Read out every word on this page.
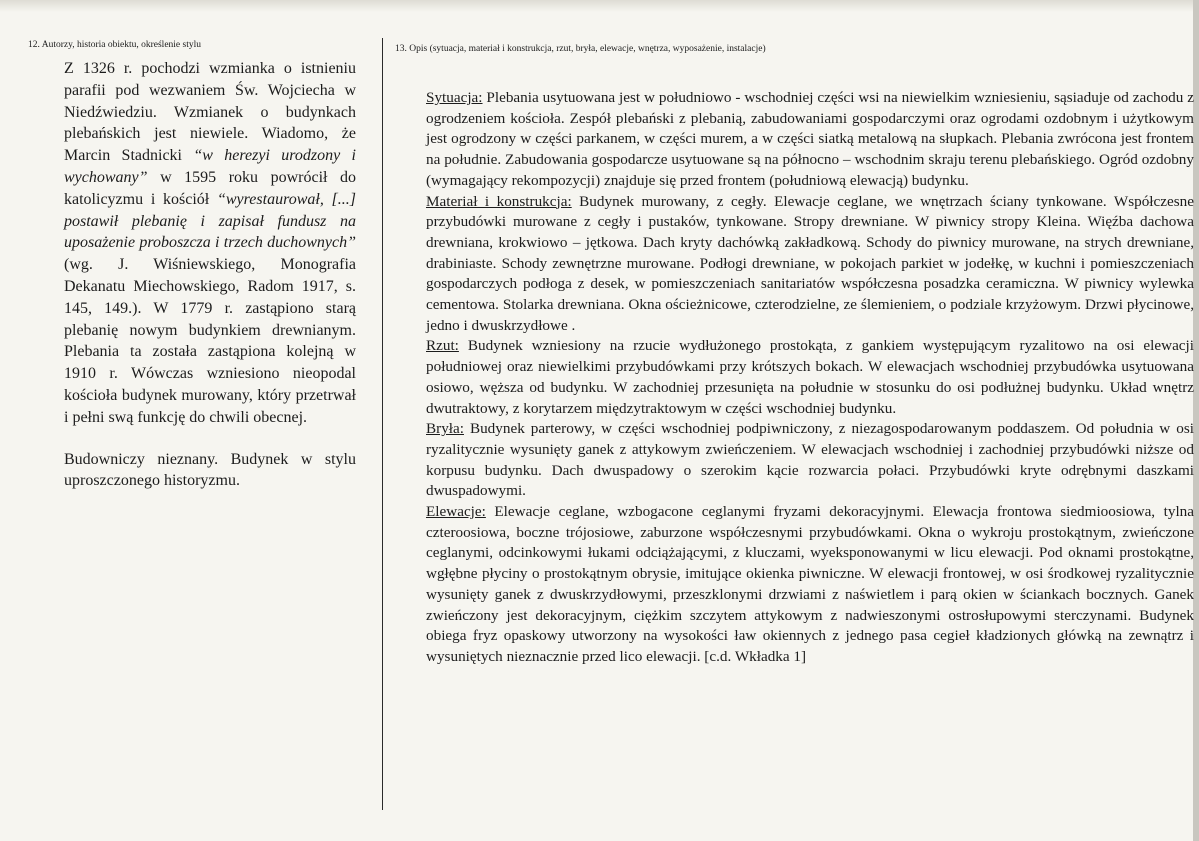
12. Autorzy, historia obiektu, określenie stylu

Z 1326 r. pochodzi wzmianka o istnieniu parafii pod wezwaniem Św. Wojciecha w Niedźwiedziu. Wzmianek o budynkach plebańskich jest niewiele. Wiadomo, że Marcin Stadnicki “w herezyi urodzony i wychowany” w 1595 roku powrócił do katolicyzmu i kościół “wyrestaurował, [...] postawił plebanię i zapisał fundusz na uposażenie proboszcza i trzech duchownych” (wg. J. Wiśniewskiego, Monografia Dekanatu Miechowskiego, Radom 1917, s. 145, 149.). W 1779 r. zastąpiono starą plebanię nowym budynkiem drewnianym. Plebania ta została zastąpiona kolejną w 1910 r. Wówczas wzniesiono nieopodal kościoła budynek murowany, który przetrwał i pełni swą funkcję do chwili obecnej.

Budowniczy nieznany. Budynek w stylu uproszczonego historyzmu.

13. Opis (sytuacja, materiał i konstrukcja, rzut, bryła, elewacje, wnętrza, wyposażenie, instalacje)

Sytuacja: Plebania usytuowana jest w południowo - wschodniej części wsi na niewielkim wzniesieniu, sąsiaduje od zachodu z ogrodzeniem kościoła. Zespół plebański z plebanią, zabudowaniami gospodarczymi oraz ogrodami ozdobnym i użytkowym jest ogrodzony w części parkanem, w części murem, a w części siatką metalową na słupkach. Plebania zwrócona jest frontem na południe. Zabudowania gospodarcze usytuowane są na północno – wschodnim skraju terenu plebańskiego. Ogród ozdobny (wymagający rekompozycji) znajduje się przed frontem (południową elewacją) budynku.

Materiał i konstrukcja: Budynek murowany, z cegły. Elewacje ceglane, we wnętrzach ściany tynkowane. Współczesne przybudówki murowane z cegły i pustaków, tynkowane. Stropy drewniane. W piwnicy stropy Kleina. Więźba dachowa drewniana, krokwiowo – jętkowa. Dach kryty dachówką zakładkową. Schody do piwnicy murowane, na strych drewniane, drabiniaste. Schody zewnętrzne murowane. Podłogi drewniane, w pokojach parkiet w jodełkę, w kuchni i pomieszczeniach gospodarczych podłoga z desek, w pomieszczeniach sanitariatów współczesna posadzka ceramiczna. W piwnicy wylewka cementowa. Stolarka drewniana. Okna ościeżnicowe, czterodzielne, ze ślemieniem, o podziale krzyżowym. Drzwi płycinowe, jedno i dwuskrzydłowe .

Rzut: Budynek wzniesiony na rzucie wydłużonego prostokąta, z gankiem występującym ryzalitowo na osi elewacji południowej oraz niewielkimi przybudówkami przy krótszych bokach. W elewacjach wschodniej przybudówka usytuowana osiowo, węższa od budynku. W zachodniej przesunięta na południe w stosunku do osi podłużnej budynku. Układ wnętrz dwutraktowy, z korytarzem międzytraktowym w części wschodniej budynku.

Bryła: Budynek parterowy, w części wschodniej podpiwniczony, z niezagospodarowanym poddaszem. Od południa w osi ryzalitycznie wysunięty ganek z attykowym zwieńczeniem. W elewacjach wschodniej i zachodniej przybudówki niższe od korpusu budynku. Dach dwuspadowy o szerokim kącie rozwarcia połaci. Przybudówki kryte odrębnymi daszkami dwuspadowymi.

Elewacje: Elewacje ceglane, wzbogacone ceglanymi fryzami dekoracyjnymi. Elewacja frontowa siedmioosiowa, tylna czteroosiowa, boczne trójosiowe, zaburzone współczesnymi przybudówkami. Okna o wykroju prostokątnym, zwieńczone ceglanymi, odcinkowymi łukami odciążającymi, z kluczami, wyeksponowanymi w licu elewacji. Pod oknami prostokątne, wgłębne płyciny o prostokątnym obrysie, imitujące okienka piwniczne. W elewacji frontowej, w osi środkowej ryzalitycznie wysunięty ganek z dwuskrzydłowymi, przeszklonymi drzwiami z naświetlem i parą okien w ściankach bocznych. Ganek zwieńczony jest dekoracyjnym, ciężkim szczytem attykowym z nadwieszonymi ostrosłupowymi sterczynami. Budynek obiega fryz opaskowy utworzony na wysokości ław okiennych z jednego pasa cegieł kładzionych główką na zewnątrz i wysuniętych nieznacznie przed lico elewacji. [c.d. Wkładka 1]
